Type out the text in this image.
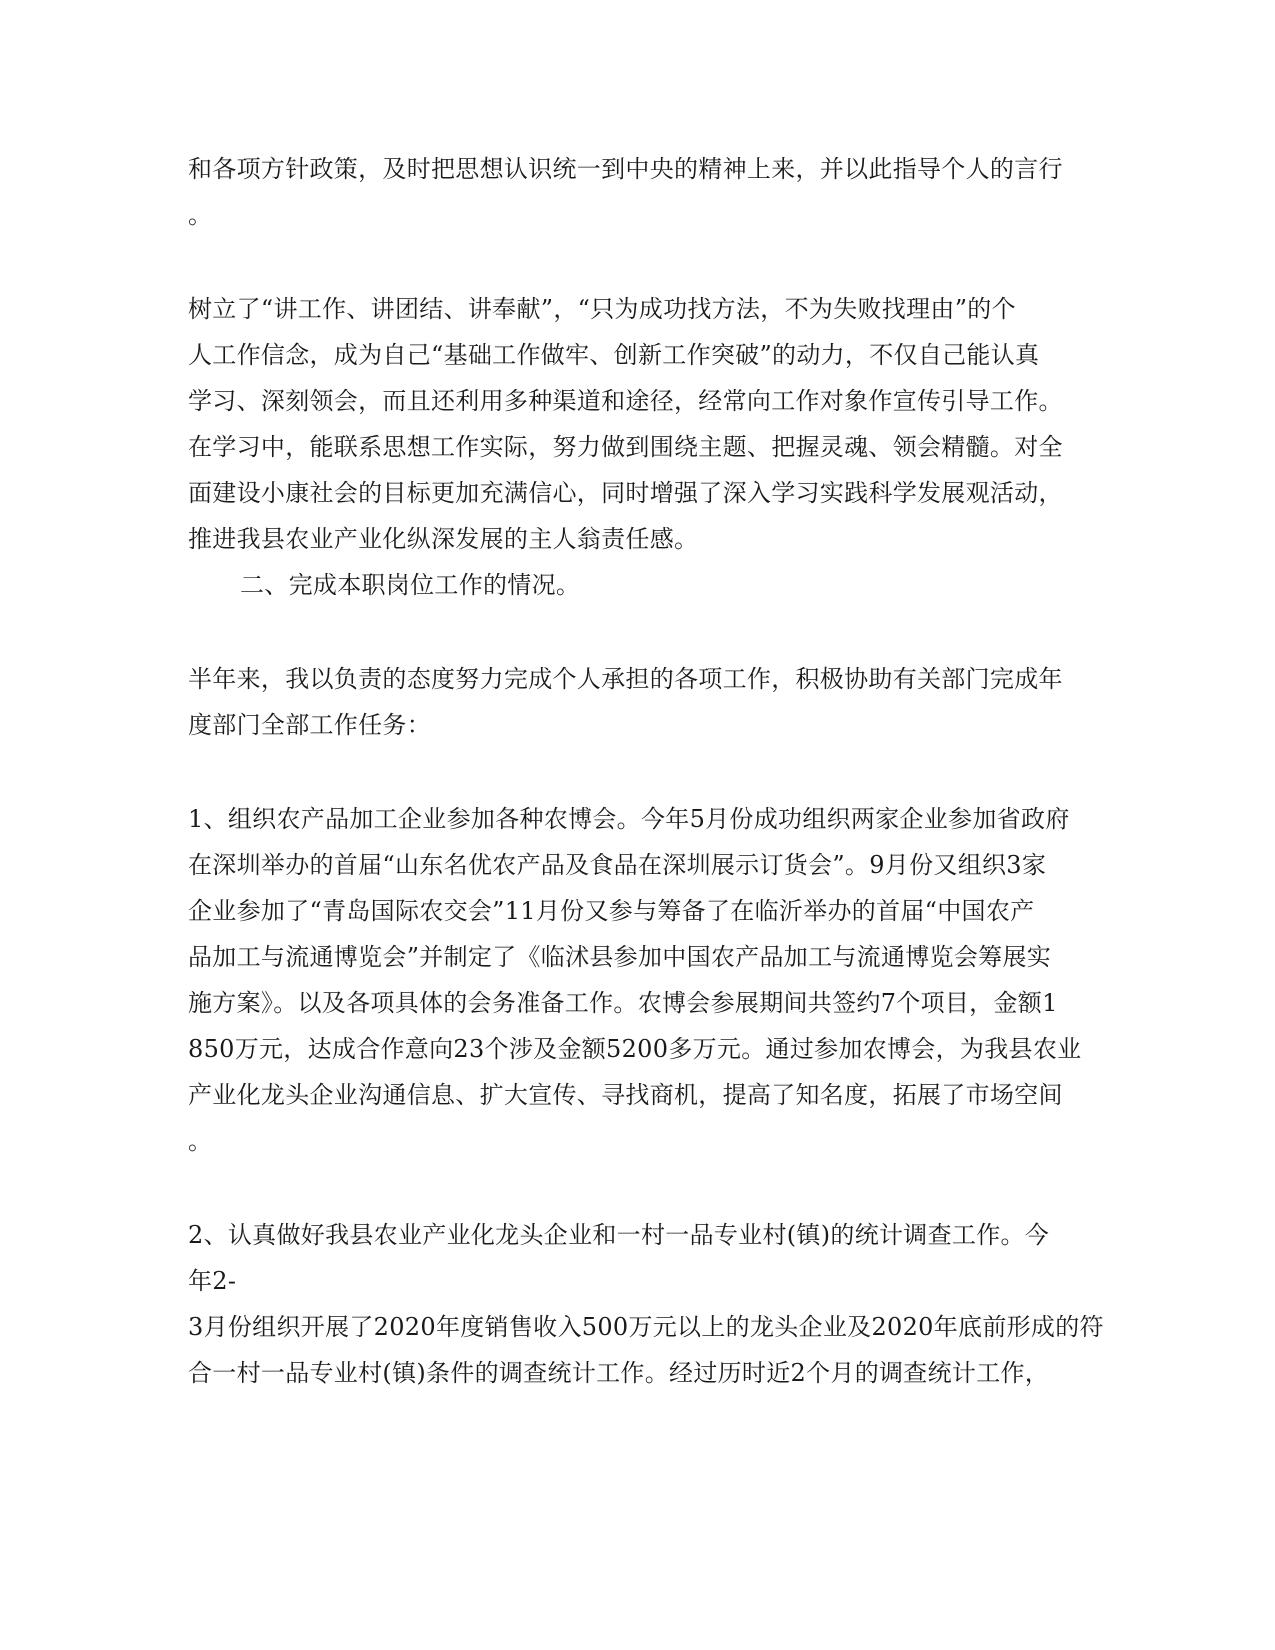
和各项方针政策，及时把思想认识统一到中央的精神上来，并以此指导个人的言行
。
树立了“讲工作、讲团结、讲奉献”，“只为成功找方法，不为失败找理由”的个
人工作信念，成为自己“基础工作做牢、创新工作突破”的动力，不仅自己能认真
学习、深刻领会，而且还利用多种渠道和途径，经常向工作对象作宣传引导工作。
在学习中，能联系思想工作实际，努力做到围绕主题、把握灵魂、领会精髓。对全
面建设小康社会的目标更加充满信心，同时增强了深入学习实践科学发展观活动，
推进我县农业产业化纵深发展的主人翁责任感。
二、完成本职岗位工作的情况。
半年来，我以负责的态度努力完成个人承担的各项工作，积极协助有关部门完成年
度部门全部工作任务：
1、组织农产品加工企业参加各种农博会。今年5月份成功组织两家企业参加省政府
在深圳举办的首届“山东名优农产品及食品在深圳展示订货会”。9月份又组织3家
企业参加了“青岛国际农交会”11月份又参与筹备了在临沂举办的首届“中国农产
品加工与流通博览会”并制定了《临沭县参加中国农产品加工与流通博览会筹展实
施方案》。以及各项具体的会务准备工作。农博会参展期间共签约7个项目，金额1
850万元，达成合作意向23个涉及金额5200多万元。通过参加农博会，为我县农业
产业化龙头企业沟通信息、扩大宣传、寻找商机，提高了知名度，拓展了市场空间
。
2、认真做好我县农业产业化龙头企业和一村一品专业村(镇)的统计调查工作。今
年2-
3月份组织开展了2020年度销售收入500万元以上的龙头企业及2020年底前形成的符
合一村一品专业村(镇)条件的调查统计工作。经过历时近2个月的调查统计工作，
